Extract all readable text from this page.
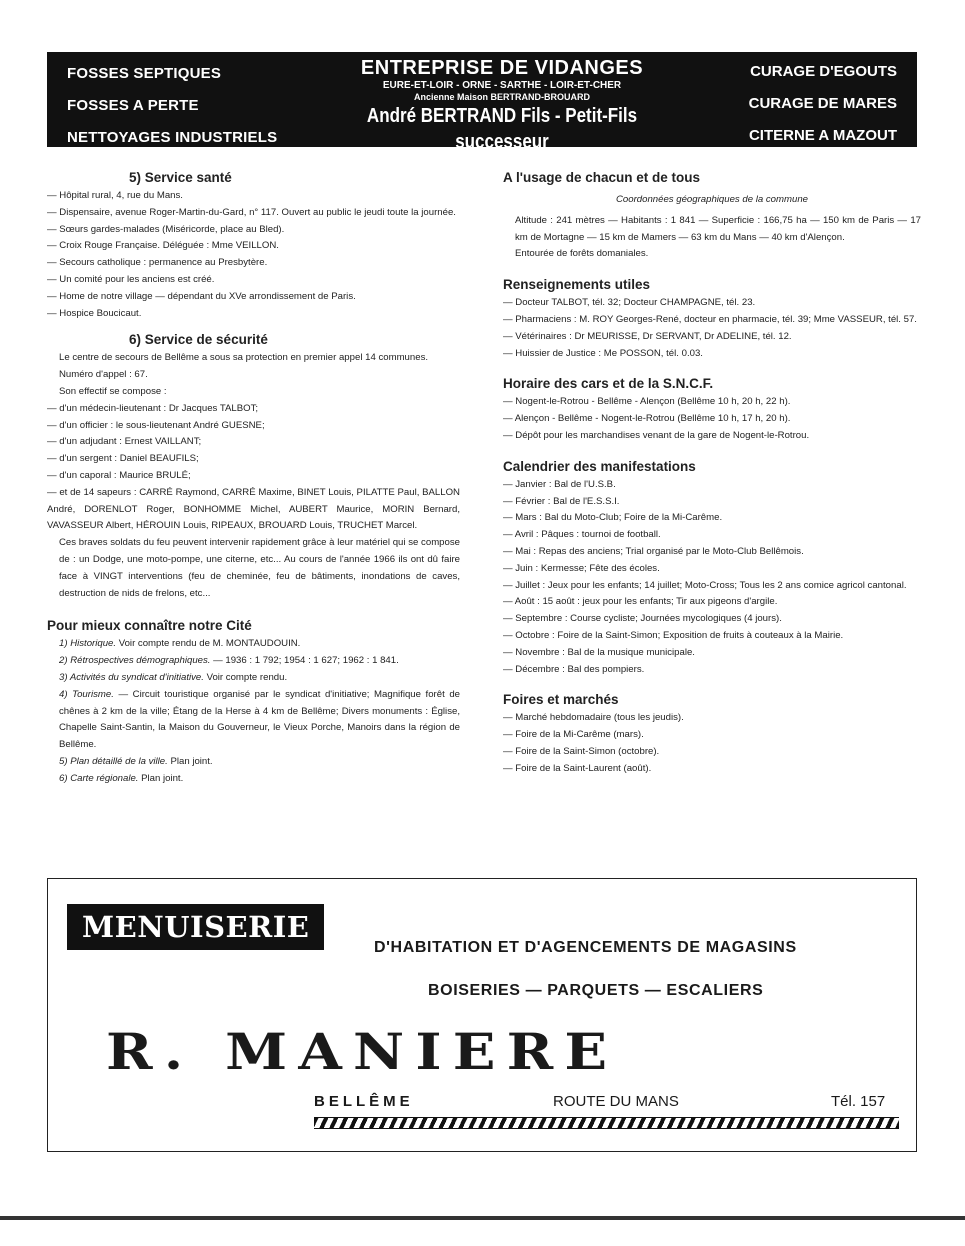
FOSSES SEPTIQUES
FOSSES A PERTE
NETTOYAGES INDUSTRIELS
ENTREPRISE DE VIDANGES
EURE-ET-LOIR - ORNE - SARTHE - LOIR-ET-CHER
Ancienne Maison BERTRAND-BROUARD
André BERTRAND Fils - Petit-Fils successeur
NOGENT-LE-ROTROU — Tél. 1.80
CURAGE D'EGOUTS
CURAGE DE MARES
CITERNE A MAZOUT
5) Service santé
— Hôpital rural, 4, rue du Mans.
— Dispensaire, avenue Roger-Martin-du-Gard, n° 117. Ouvert au public le jeudi toute la journée.
— Sœurs gardes-malades (Miséricorde, place au Bled).
— Croix Rouge Française. Déléguée : Mme VEILLON.
— Secours catholique : permanence au Presbytère.
— Un comité pour les anciens est créé.
— Home de notre village — dépendant du XVe arrondissement de Paris.
— Hospice Boucicaut.
6) Service de sécurité
Le centre de secours de Bellême a sous sa protection en premier appel 14 communes.
Numéro d'appel : 67.
Son effectif se compose :
— d'un médecin-lieutenant : Dr Jacques TALBOT;
— d'un officier : le sous-lieutenant André GUESNE;
— d'un adjudant : Ernest VAILLANT;
— d'un sergent : Daniel BEAUFILS;
— d'un caporal : Maurice BRULÉ;
— et de 14 sapeurs : CARRÉ Raymond, CARRÉ Maxime, BINET Louis, PILATTE Paul, BALLON André, DORENLOT Roger, BONHOMME Michel, AUBERT Maurice, MORIN Bernard, VAVASSEUR Albert, HÉROUIN Louis, RIPEAUX, BROUARD Louis, TRUCHET Marcel.
Ces braves soldats du feu peuvent intervenir rapidement grâce à leur matériel qui se compose de : un Dodge, une moto-pompe, une citerne, etc... Au cours de l'année 1966 ils ont dû faire face à VINGT interventions (feu de cheminée, feu de bâtiments, inondations de caves, destruction de nids de frelons, etc...
Pour mieux connaître notre Cité
1) Historique. Voir compte rendu de M. MONTAUDOUIN.
2) Rétrospectives démographiques. — 1936 : 1 792; 1954 : 1 627; 1962 : 1 841.
3) Activités du syndicat d'initiative. Voir compte rendu.
4) Tourisme. — Circuit touristique organisé par le syndicat d'initiative; Magnifique forêt de chênes à 2 km de la ville; Étang de la Herse à 4 km de Bellême; Divers monuments : Église, Chapelle Saint-Santin, la Maison du Gouverneur, le Vieux Porche, Manoirs dans la région de Bellême.
5) Plan détaillé de la ville. Plan joint.
6) Carte régionale. Plan joint.
A l'usage de chacun et de tous
Coordonnées géographiques de la commune
Altitude : 241 mètres — Habitants : 1 841 — Superficie : 166,75 ha — 150 km de Paris — 17 km de Mortagne — 15 km de Mamers — 63 km du Mans — 40 km d'Alençon.
Entourée de forêts domaniales.
Renseignements utiles
— Docteur TALBOT, tél. 32; Docteur CHAMPAGNE, tél. 23.
— Pharmaciens : M. ROY Georges-René, docteur en pharmacie, tél. 39; Mme VASSEUR, tél. 57.
— Vétérinaires : Dr MEURISSE, Dr SERVANT, Dr ADELINE, tél. 12.
— Huissier de Justice : Me POSSON, tél. 0.03.
Horaire des cars et de la S.N.C.F.
— Nogent-le-Rotrou - Bellême - Alençon (Bellême 10 h, 20 h, 22 h).
— Alençon - Bellême - Nogent-le-Rotrou (Bellême 10 h, 17 h, 20 h).
— Dépôt pour les marchandises venant de la gare de Nogent-le-Rotrou.
Calendrier des manifestations
— Janvier : Bal de l'U.S.B.
— Février : Bal de l'E.S.S.I.
— Mars : Bal du Moto-Club; Foire de la Mi-Carême.
— Avril : Pâques : tournoi de football.
— Mai : Repas des anciens; Trial organisé par le Moto-Club Bellêmois.
— Juin : Kermesse; Fête des écoles.
— Juillet : Jeux pour les enfants; 14 juillet; Moto-Cross; Tous les 2 ans comice agricol cantonal.
— Août : 15 août : jeux pour les enfants; Tir aux pigeons d'argile.
— Septembre : Course cycliste; Journées mycologiques (4 jours).
— Octobre : Foire de la Saint-Simon; Exposition de fruits à couteaux à la Mairie.
— Novembre : Bal de la musique municipale.
— Décembre : Bal des pompiers.
Foires et marchés
— Marché hebdomadaire (tous les jeudis).
— Foire de la Mi-Carême (mars).
— Foire de la Saint-Simon (octobre).
— Foire de la Saint-Laurent (août).
MENUISERIE
D'HABITATION ET D'AGENCEMENTS DE MAGASINS
BOISERIES — PARQUETS — ESCALIERS
R. MANIERE
BELLÊME	ROUTE DU MANS	Tél. 157
